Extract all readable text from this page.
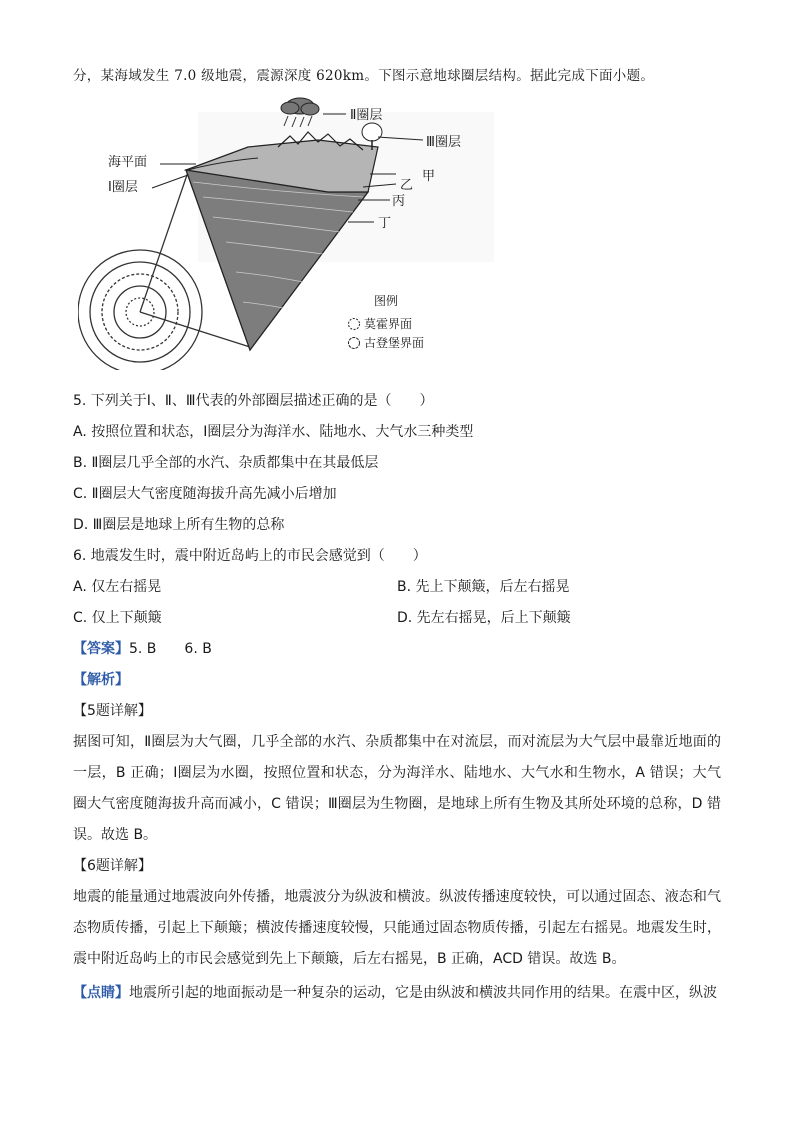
分，某海域发生 7.0 级地震，震源深度 620km。下图示意地球圈层结构。据此完成下面小题。
Ⅱ圈层
Ⅲ圈层
海平面
Ⅰ圈层
甲
乙
丙
丁
图例
莫霍界面
古登堡界面
5. 下列关于Ⅰ、Ⅱ、Ⅲ代表的外部圈层描述正确的是（　　）
A. 按照位置和状态，Ⅰ圈层分为海洋水、陆地水、大气水三种类型
B. Ⅱ圈层几乎全部的水汽、杂质都集中在其最低层
C. Ⅱ圈层大气密度随海拔升高先减小后增加
D. Ⅲ圈层是地球上所有生物的总称
6. 地震发生时，震中附近岛屿上的市民会感觉到（　　）
A. 仅左右摇晃	B. 先上下颠簸，后左右摇晃
C. 仅上下颠簸	D. 先左右摇晃，后上下颠簸
【答案】5. B　　6. B
【解析】
【5题详解】
据图可知，Ⅱ圈层为大气圈，几乎全部的水汽、杂质都集中在对流层，而对流层为大气层中最靠近地面的一层，B 正确；Ⅰ圈层为水圈，按照位置和状态，分为海洋水、陆地水、大气水和生物水，A 错误；大气圈大气密度随海拔升高而减小，C 错误；Ⅲ圈层为生物圈，是地球上所有生物及其所处环境的总称，D 错误。故选 B。
【6题详解】
地震的能量通过地震波向外传播，地震波分为纵波和横波。纵波传播速度较快，可以通过固态、液态和气态物质传播，引起上下颠簸；横波传播速度较慢，只能通过固态物质传播，引起左右摇晃。地震发生时，震中附近岛屿上的市民会感觉到先上下颠簸，后左右摇晃，B 正确，ACD 错误。故选 B。
【点睛】地震所引起的地面振动是一种复杂的运动，它是由纵波和横波共同作用的结果。在震中区，纵波
